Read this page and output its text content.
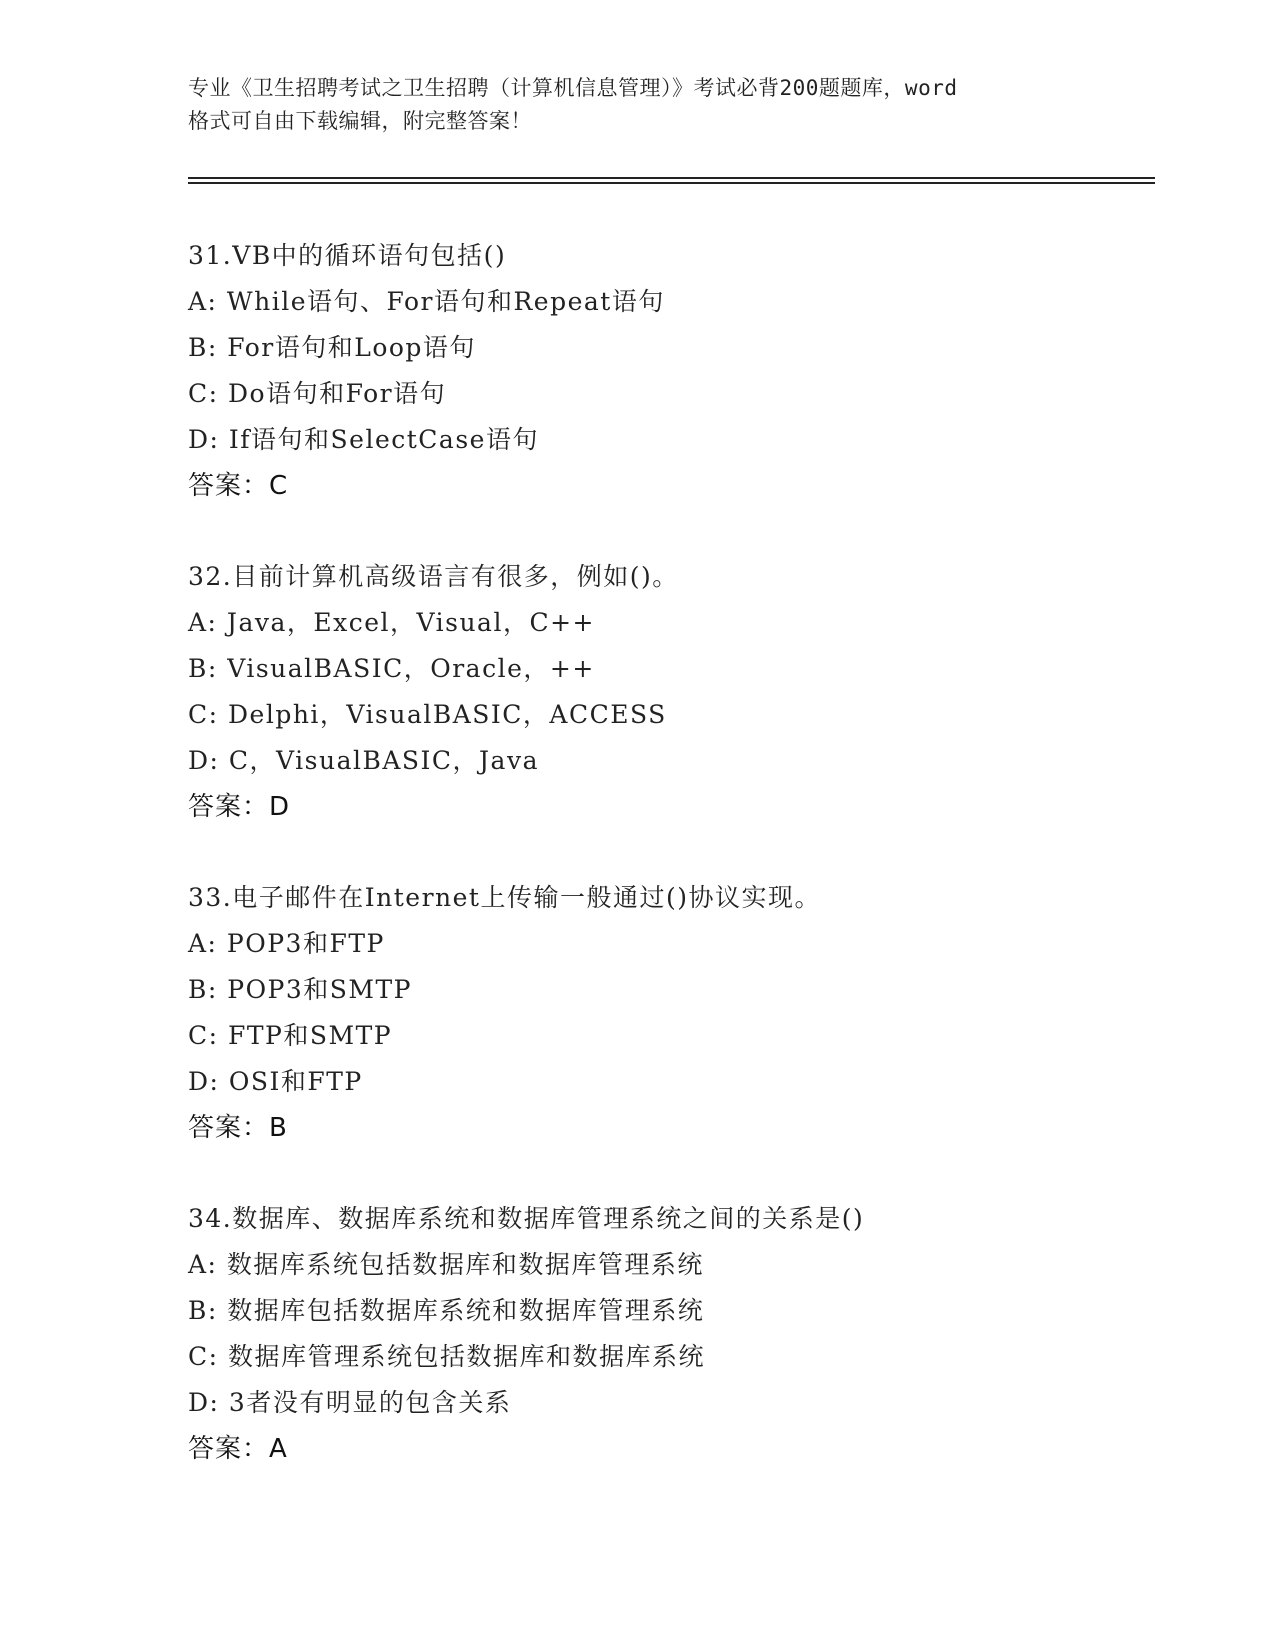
专业《卫生招聘考试之卫生招聘（计算机信息管理）》考试必背200题题库，word
格式可自由下载编辑，附完整答案！
31.VB中的循环语句包括()
A: While语句、For语句和Repeat语句
B: For语句和Loop语句
C: Do语句和For语句
D: If语句和SelectCase语句
答案：C
32.目前计算机高级语言有很多，例如()。
A: Java，Excel，Visual，C++
B: VisualBASIC，Oracle，++
C: Delphi，VisualBASIC，ACCESS
D: C，VisualBASIC，Java
答案：D
33.电子邮件在Internet上传输一般通过()协议实现。
A: POP3和FTP
B: POP3和SMTP
C: FTP和SMTP
D: OSI和FTP
答案：B
34.数据库、数据库系统和数据库管理系统之间的关系是()
A: 数据库系统包括数据库和数据库管理系统
B: 数据库包括数据库系统和数据库管理系统
C: 数据库管理系统包括数据库和数据库系统
D: 3者没有明显的包含关系
答案：A
